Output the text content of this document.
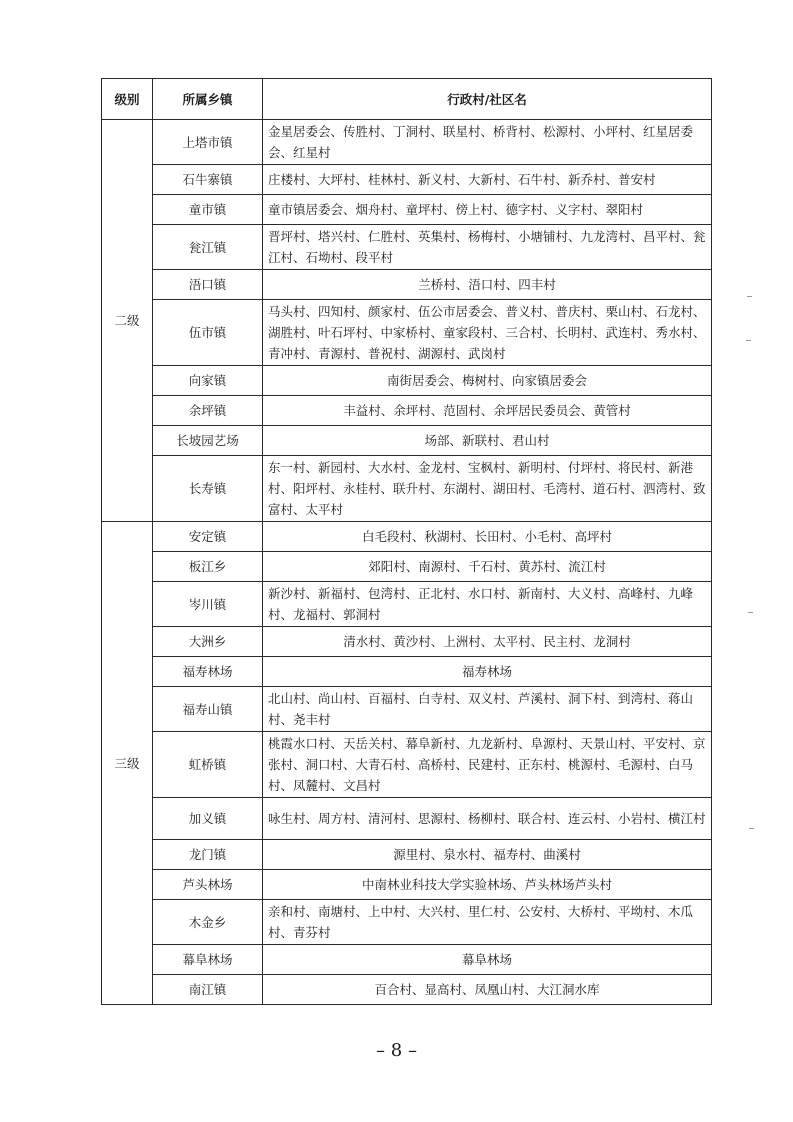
级别	所属乡镇	行政村/社区名
二级	上塔市镇	金星居委会、传胜村、丁洞村、联星村、桥背村、松源村、小坪村、红星居委会、红星村
	石牛寨镇	庄楼村、大坪村、桂林村、新义村、大新村、石牛村、新乔村、普安村
	童市镇	童市镇居委会、烟舟村、童坪村、傍上村、德字村、义字村、翠阳村
	瓮江镇	晋坪村、塔兴村、仁胜村、英集村、杨梅村、小塘铺村、九龙湾村、昌平村、瓮江村、石坳村、段平村
	浯口镇	兰桥村、浯口村、四丰村
	伍市镇	马头村、四知村、颜家村、伍公市居委会、普义村、普庆村、栗山村、石龙村、湖胜村、叶石坪村、中家桥村、童家段村、三合村、长明村、武连村、秀水村、青冲村、青源村、普祝村、湖源村、武岗村
	向家镇	南街居委会、梅树村、向家镇居委会
	余坪镇	丰益村、余坪村、范固村、余坪居民委员会、黄管村
	长坡园艺场	场部、新联村、君山村
	长寿镇	东一村、新园村、大水村、金龙村、宝枫村、新明村、付坪村、将民村、新港村、阳坪村、永桂村、联升村、东湖村、湖田村、毛湾村、道石村、泗湾村、致富村、太平村
三级	安定镇	白毛段村、秋湖村、长田村、小毛村、高坪村
	板江乡	郊阳村、南源村、千石村、黄苏村、流江村
	岑川镇	新沙村、新福村、包湾村、正北村、水口村、新南村、大义村、高峰村、九峰村、龙福村、郭洞村
	大洲乡	清水村、黄沙村、上洲村、太平村、民主村、龙洞村
	福寿林场	福寿林场
	福寿山镇	北山村、尚山村、百福村、白寺村、双义村、芦溪村、洞下村、到湾村、蒋山村、尧丰村
	虹桥镇	桃霞水口村、天岳关村、幕阜新村、九龙新村、阜源村、天景山村、平安村、京张村、洞口村、大青石村、高桥村、民建村、正东村、桃源村、毛源村、白马村、凤麓村、文昌村
	加义镇	咏生村、周方村、清河村、思源村、杨柳村、联合村、连云村、小岩村、横江村
	龙门镇	源里村、泉水村、福寿村、曲溪村
	芦头林场	中南林业科技大学实验林场、芦头林场芦头村
	木金乡	亲和村、南塘村、上中村、大兴村、里仁村、公安村、大桥村、平坳村、木瓜村、青芬村
	幕阜林场	幕阜林场
	南江镇	百合村、显高村、凤凰山村、大江洞水库
– 8 –
